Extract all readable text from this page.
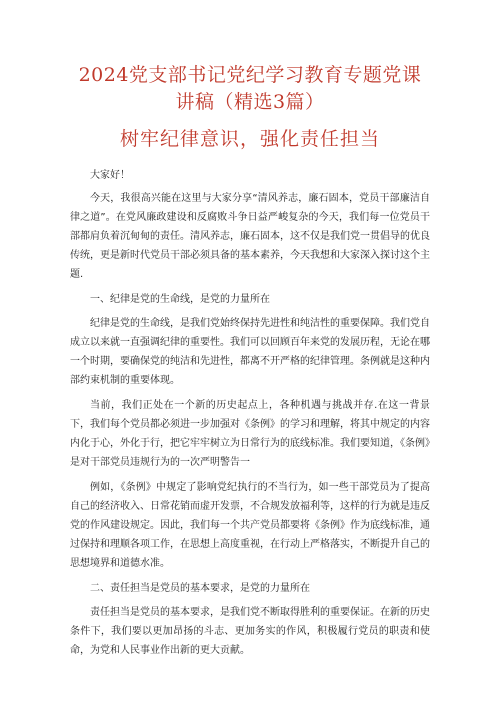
2024党支部书记党纪学习教育专题党课讲稿（精选3篇）
树牢纪律意识，强化责任担当

大家好！

今天，我很高兴能在这里与大家分享“清风养志，廉石固本，党员干部廉洁自律之道”。在党风廉政建设和反腐败斗争日益严峻复杂的今天，我们每一位党员干部都肩负着沉甸甸的责任。清风养志，廉石固本，这不仅是我们党一贯倡导的优良传统，更是新时代党员干部必须具备的基本素养，今天我想和大家深入探讨这个主题.

一、纪律是党的生命线，是党的力量所在

纪律是党的生命线，是我们党始终保持先进性和纯洁性的重要保障。我们党自成立以来就一直强调纪律的重要性。我们可以回顾百年来党的发展历程，无论在哪一个时期，要确保党的纯洁和先进性，都离不开严格的纪律管理。条例就是这种内部约束机制的重要体现。

当前，我们正处在一个新的历史起点上，各种机遇与挑战并存.在这一背景下，我们每个党员都必须进一步加强对《条例》的学习和理解，将其中规定的内容内化于心，外化于行，把它牢牢树立为日常行为的底线标准。我们要知道，《条例》是对干部党员违规行为的一次严明警告一

例如，《条例》中规定了影响党纪执行的不当行为，如一些干部党员为了提高自己的经济收入、日常花销而虚开发票，不合规发放福利等，这样的行为就是违反党的作风建设规定。因此，我们每一个共产党员都要将《条例》作为底线标准，通过保持和理顺各项工作，在思想上高度重视，在行动上严格落实，不断提升自己的思想境界和道德水准。

二、责任担当是党员的基本要求，是党的力量所在

责任担当是党员的基本要求，是我们党不断取得胜利的重要保证。在新的历史条件下，我们要以更加昂扬的斗志、更加务实的作风，积极履行党员的职责和使命，为党和人民事业作出新的更大贡献。
